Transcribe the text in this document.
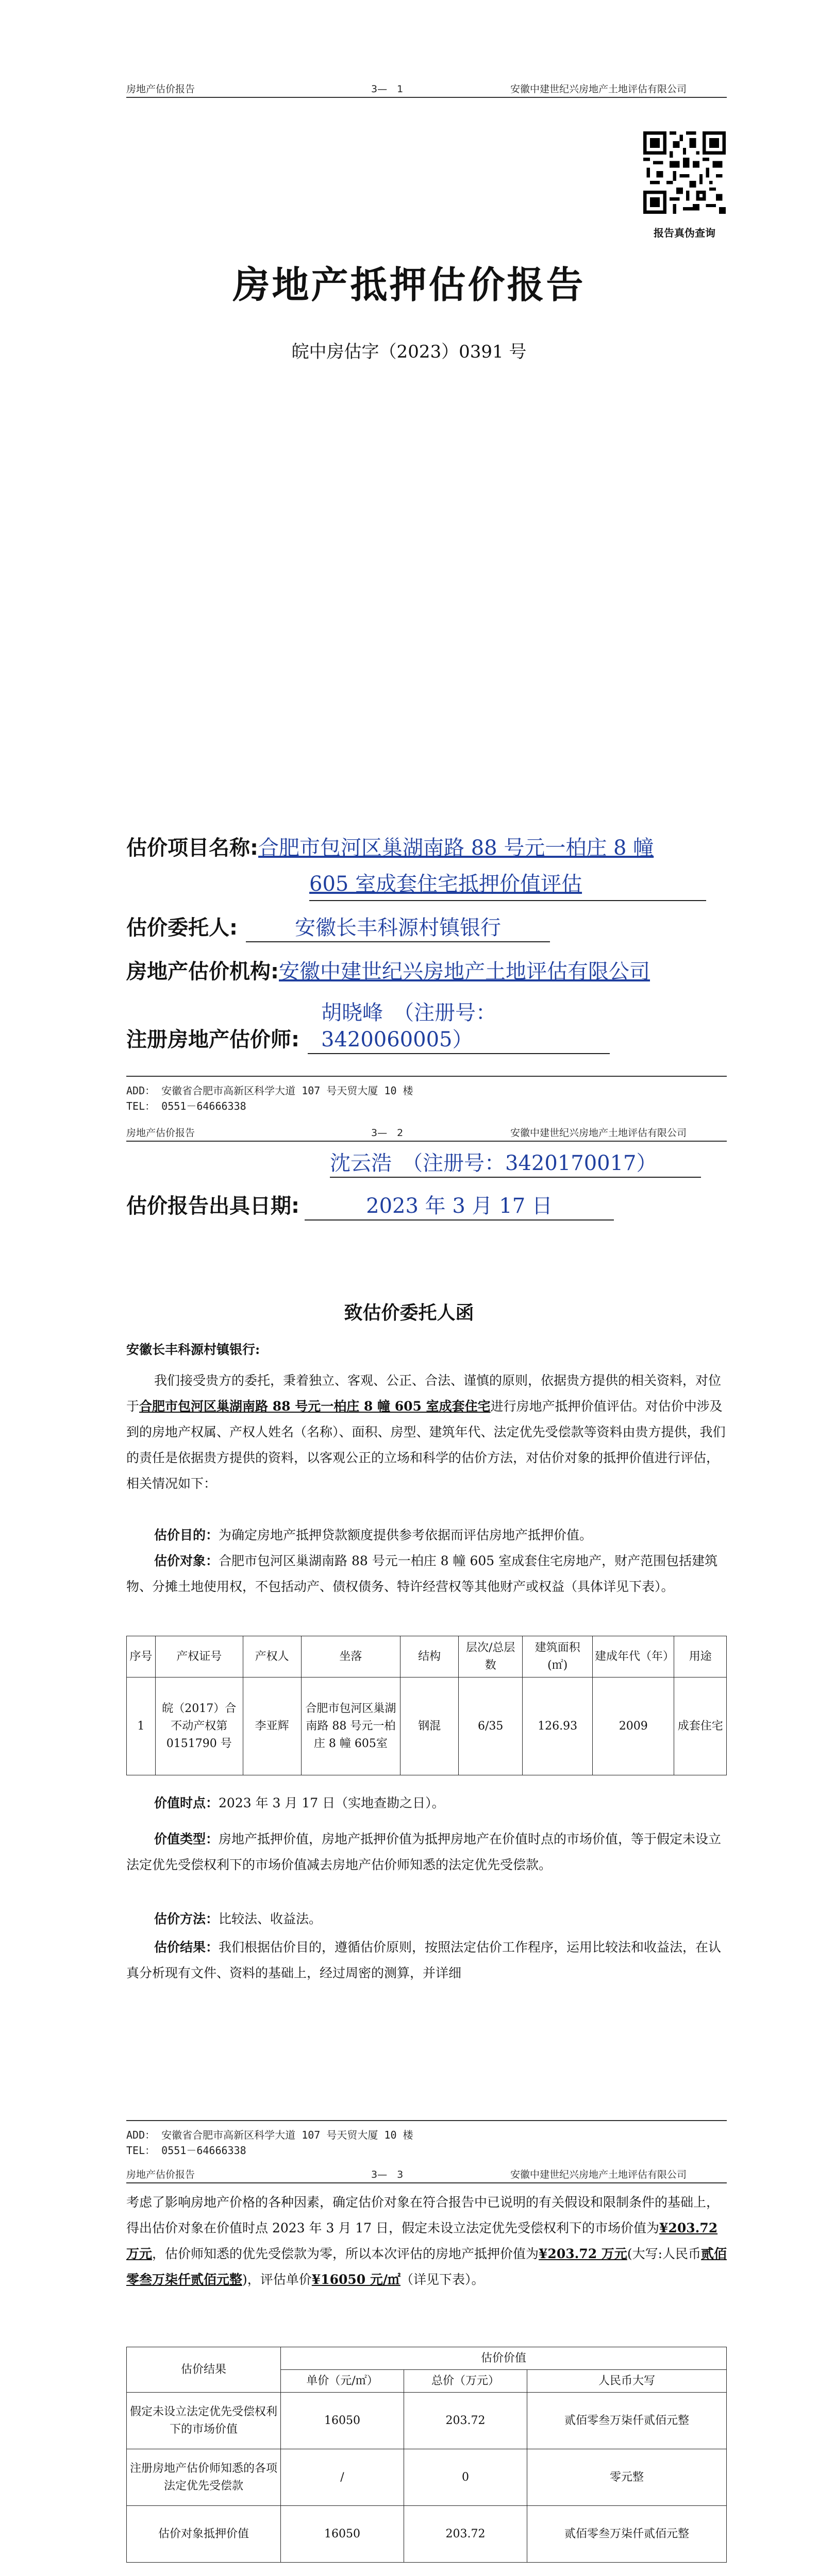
房地产估价报告	3—　1	安徽中建世纪兴房地产土地评估有限公司
报告真伪查询
房地产抵押估价报告
皖中房估字（2023）0391 号
估价项目名称:合肥市包河区巢湖南路 88 号元一柏庄 8 幢
605 室成套住宅抵押价值评估
估价委托人:	安徽长丰科源村镇银行
房地产估价机构:安徽中建世纪兴房地产土地评估有限公司
注册房地产估价师:胡晓峰　（注册号：3420060005）
ADD： 安徽省合肥市高新区科学大道 107 号天贸大厦 10 楼
TEL： 0551－64666338
房地产估价报告	3—　2	安徽中建世纪兴房地产土地评估有限公司
沈云浩　（注册号：3420170017）
估价报告出具日期:	2023 年 3 月 17 日
致估价委托人函
安徽长丰科源村镇银行:
我们接受贵方的委托，秉着独立、客观、公正、合法、谨慎的原则，依据贵方提供的相关资料，对位于合肥市包河区巢湖南路 88 号元一柏庄 8 幢 605 室成套住宅进行房地产抵押价值评估。对估价中涉及到的房地产权属、产权人姓名（名称）、面积、房型、建筑年代、法定优先受偿款等资料由贵方提供，我们的责任是依据贵方提供的资料，以客观公正的立场和科学的估价方法，对估价对象的抵押价值进行评估，相关情况如下：
估价目的：为确定房地产抵押贷款额度提供参考依据而评估房地产抵押价值。
估价对象：合肥市包河区巢湖南路 88 号元一柏庄 8 幢 605 室成套住宅房地产，财产范围包括建筑物、分摊土地使用权，不包括动产、债权债务、特许经营权等其他财产或权益（具体详见下表）。
序号	产权证号	产权人	坐落	结构	层次/总层数	建筑面积(㎡)	建成年代（年）	用途
1	皖（2017）合不动产权第0151790 号	李亚辉	合肥市包河区巢湖南路 88 号元一柏庄 8 幢 605室	钢混	6/35	126.93	2009	成套住宅
价值时点：2023 年 3 月 17 日（实地查勘之日）。
价值类型：房地产抵押价值，房地产抵押价值为抵押房地产在价值时点的市场价值，等于假定未设立法定优先受偿权利下的市场价值减去房地产估价师知悉的法定优先受偿款。
估价方法：比较法、收益法。
估价结果：我们根据估价目的，遵循估价原则，按照法定估价工作程序，运用比较法和收益法，在认真分析现有文件、资料的基础上，经过周密的测算，并详细
ADD： 安徽省合肥市高新区科学大道 107 号天贸大厦 10 楼
TEL： 0551－64666338
房地产估价报告	3—　3	安徽中建世纪兴房地产土地评估有限公司
考虑了影响房地产价格的各种因素，确定估价对象在符合报告中已说明的有关假设和限制条件的基础上，得出估价对象在价值时点 2023 年 3 月 17 日，假定未设立法定优先受偿权利下的市场价值为¥203.72 万元，估价师知悉的优先受偿款为零，所以本次评估的房地产抵押价值为¥203.72 万元(大写:人民币贰佰零叁万柒仟贰佰元整)，评估单价¥16050 元/㎡（详见下表）。
估价结果	估价价值		
	单价（元/㎡）	总价（万元）	人民币大写
假定未设立法定优先受偿权利下的市场价值	16050	203.72	贰佰零叁万柒仟贰佰元整
注册房地产估价师知悉的各项法定优先受偿款	/	0	零元整
估价对象抵押价值	16050	203.72	贰佰零叁万柒仟贰佰元整
